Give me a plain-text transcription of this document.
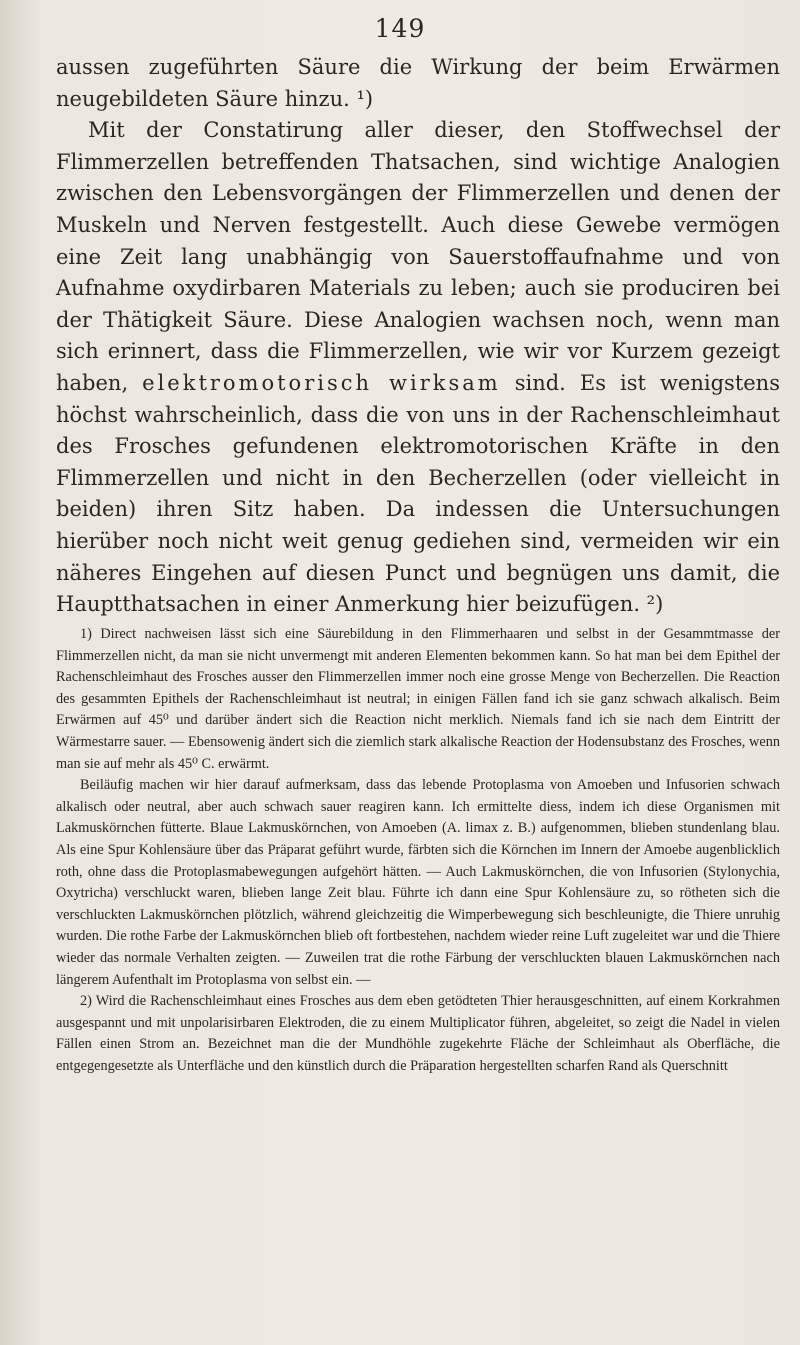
149

aussen zugeführten Säure die Wirkung der beim Erwärmen neugebildeten Säure hinzu. ¹)

Mit der Constatirung aller dieser, den Stoffwechsel der Flimmerzellen betreffenden Thatsachen, sind wichtige Analogien zwischen den Lebensvorgängen der Flimmerzellen und denen der Muskeln und Nerven festgestellt. Auch diese Gewebe vermögen eine Zeit lang unabhängig von Sauerstoffaufnahme und von Aufnahme oxydirbaren Materials zu leben; auch sie produciren bei der Thätigkeit Säure. Diese Analogien wachsen noch, wenn man sich erinnert, dass die Flimmerzellen, wie wir vor Kurzem gezeigt haben, elektromotorisch wirksam sind. Es ist wenigstens höchst wahrscheinlich, dass die von uns in der Rachenschleimhaut des Frosches gefundenen elektromotorischen Kräfte in den Flimmerzellen und nicht in den Becherzellen (oder vielleicht in beiden) ihren Sitz haben. Da indessen die Untersuchungen hierüber noch nicht weit genug gediehen sind, vermeiden wir ein näheres Eingehen auf diesen Punct und begnügen uns damit, die Hauptthatsachen in einer Anmerkung hier beizufügen. ²)

1) Direct nachweisen lässt sich eine Säurebildung in den Flimmerhaaren und selbst in der Gesammtmasse der Flimmerzellen nicht, da man sie nicht unvermengt mit anderen Elementen bekommen kann. So hat man bei dem Epithel der Rachenschleimhaut des Frosches ausser den Flimmerzellen immer noch eine grosse Menge von Becherzellen. Die Reaction des gesammten Epithels der Rachenschleimhaut ist neutral; in einigen Fällen fand ich sie ganz schwach alkalisch. Beim Erwärmen auf 45⁰ und darüber ändert sich die Reaction nicht merklich. Niemals fand ich sie nach dem Eintritt der Wärmestarre sauer. — Ebensowenig ändert sich die ziemlich stark alkalische Reaction der Hodensubstanz des Frosches, wenn man sie auf mehr als 45⁰ C. erwärmt.

Beiläufig machen wir hier darauf aufmerksam, dass das lebende Protoplasma von Amoeben und Infusorien schwach alkalisch oder neutral, aber auch schwach sauer reagiren kann. Ich ermittelte diess, indem ich diese Organismen mit Lakmuskörnchen fütterte. Blaue Lakmuskörnchen, von Amoeben (A. limax z. B.) aufgenommen, blieben stundenlang blau. Als eine Spur Kohlensäure über das Präparat geführt wurde, färbten sich die Körnchen im Innern der Amoebe augenblicklich roth, ohne dass die Protoplasmabewegungen aufgehört hätten. — Auch Lakmuskörnchen, die von Infusorien (Stylonychia, Oxytricha) verschluckt waren, blieben lange Zeit blau. Führte ich dann eine Spur Kohlensäure zu, so rötheten sich die verschluckten Lakmuskörnchen plötzlich, während gleichzeitig die Wimperbewegung sich beschleunigte, die Thiere unruhig wurden. Die rothe Farbe der Lakmuskörnchen blieb oft fortbestehen, nachdem wieder reine Luft zugeleitet war und die Thiere wieder das normale Verhalten zeigten. — Zuweilen trat die rothe Färbung der verschluckten blauen Lakmuskörnchen nach längerem Aufenthalt im Protoplasma von selbst ein. —

2) Wird die Rachenschleimhaut eines Frosches aus dem eben getödteten Thier herausgeschnitten, auf einem Korkrahmen ausgespannt und mit unpolarisirbaren Elektroden, die zu einem Multiplicator führen, abgeleitet, so zeigt die Nadel in vielen Fällen einen Strom an. Bezeichnet man die der Mundhöhle zugekehrte Fläche der Schleimhaut als Oberfläche, die entgegengesetzte als Unterfläche und den künstlich durch die Präparation hergestellten scharfen Rand als Querschnitt
